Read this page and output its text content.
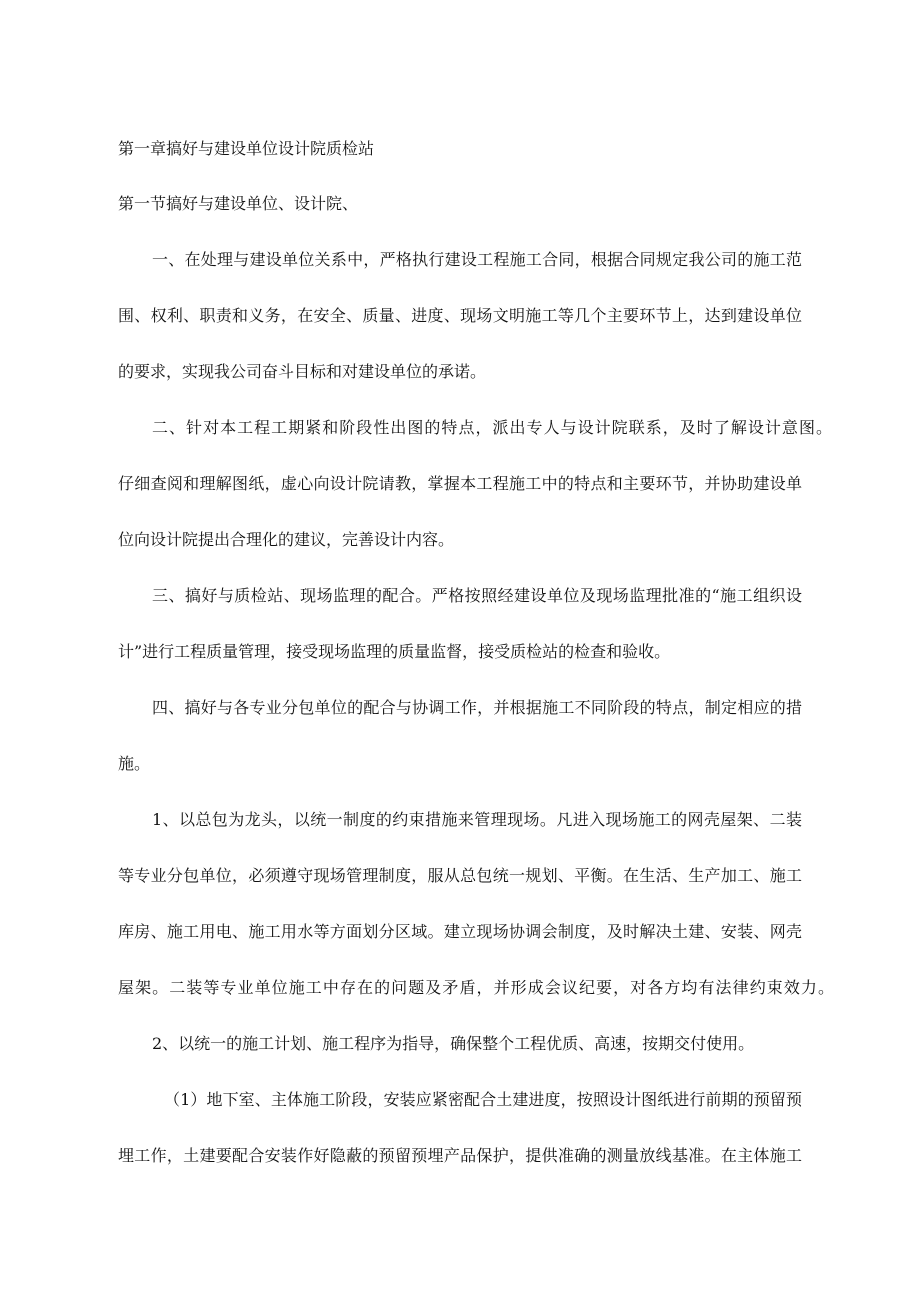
第一章搞好与建设单位设计院质检站
第一节搞好与建设单位、设计院、
一、在处理与建设单位关系中，严格执行建设工程施工合同，根据合同规定我公司的施工范
围、权利、职责和义务，在安全、质量、进度、现场文明施工等几个主要环节上，达到建设单位
的要求，实现我公司奋斗目标和对建设单位的承诺。
二、针对本工程工期紧和阶段性出图的特点，派出专人与设计院联系，及时了解设计意图。
仔细查阅和理解图纸，虚心向设计院请教，掌握本工程施工中的特点和主要环节，并协助建设单
位向设计院提出合理化的建议，完善设计内容。
三、搞好与质检站、现场监理的配合。严格按照经建设单位及现场监理批准的“施工组织设
计”进行工程质量管理，接受现场监理的质量监督，接受质检站的检查和验收。
四、搞好与各专业分包单位的配合与协调工作，并根据施工不同阶段的特点，制定相应的措
施。
1、以总包为龙头，以统一制度的约束措施来管理现场。凡进入现场施工的网壳屋架、二装
等专业分包单位，必须遵守现场管理制度，服从总包统一规划、平衡。在生活、生产加工、施工
库房、施工用电、施工用水等方面划分区域。建立现场协调会制度，及时解决土建、安装、网壳
屋架。二装等专业单位施工中存在的问题及矛盾，并形成会议纪要，对各方均有法律约束效力。
2、以统一的施工计划、施工程序为指导，确保整个工程优质、高速，按期交付使用。
（1）地下室、主体施工阶段，安装应紧密配合土建进度，按照设计图纸进行前期的预留预
埋工作，土建要配合安装作好隐蔽的预留预埋产品保护，提供准确的测量放线基准。在主体施工
